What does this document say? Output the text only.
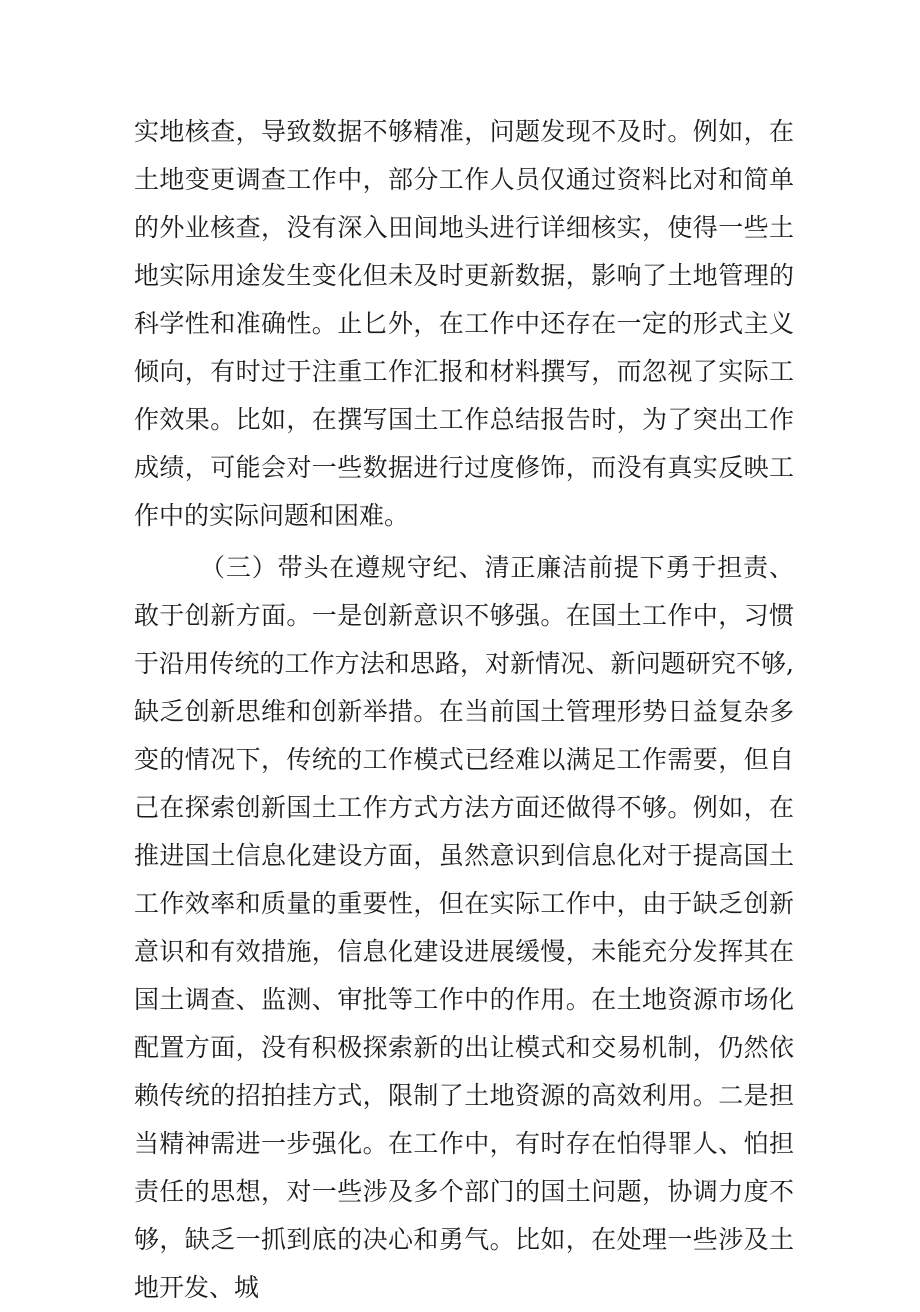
实地核查，导致数据不够精准，问题发现不及时。例如，在土地变更调查工作中，部分工作人员仅通过资料比对和简单的外业核查，没有深入田间地头进行详细核实，使得一些土地实际用途发生变化但未及时更新数据，影响了土地管理的科学性和准确性。止匕外，在工作中还存在一定的形式主义倾向，有时过于注重工作汇报和材料撰写，而忽视了实际工作效果。比如，在撰写国土工作总结报告时，为了突出工作成绩，可能会对一些数据进行过度修饰，而没有真实反映工作中的实际问题和困难。

（三）带头在遵规守纪、清正廉洁前提下勇于担责、敢于创新方面。一是创新意识不够强。在国土工作中，习惯于沿用传统的工作方法和思路，对新情况、新问题研究不够,缺乏创新思维和创新举措。在当前国土管理形势日益复杂多变的情况下，传统的工作模式已经难以满足工作需要，但自己在探索创新国土工作方式方法方面还做得不够。例如，在推进国土信息化建设方面，虽然意识到信息化对于提高国土工作效率和质量的重要性，但在实际工作中，由于缺乏创新意识和有效措施，信息化建设进展缓慢，未能充分发挥其在国土调查、监测、审批等工作中的作用。在土地资源市场化配置方面，没有积极探索新的出让模式和交易机制，仍然依赖传统的招拍挂方式，限制了土地资源的高效利用。二是担当精神需进一步强化。在工作中，有时存在怕得罪人、怕担责任的思想，对一些涉及多个部门的国土问题，协调力度不够，缺乏一抓到底的决心和勇气。比如，在处理一些涉及土地开发、城
